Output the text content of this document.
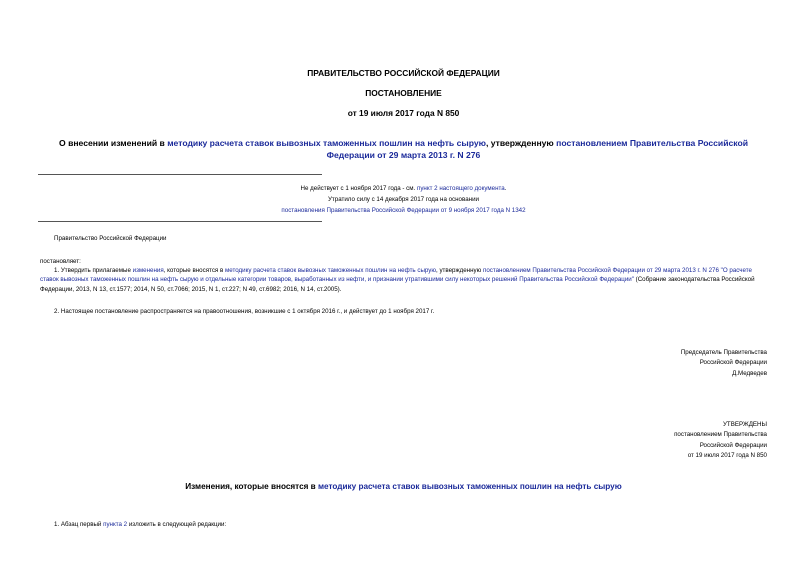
ПРАВИТЕЛЬСТВО РОССИЙСКОЙ ФЕДЕРАЦИИ
ПОСТАНОВЛЕНИЕ
от 19 июля 2017 года N 850
О внесении изменений в методику расчета ставок вывозных таможенных пошлин на нефть сырую, утвержденную постановлением Правительства Российской Федерации от 29 марта 2013 г. N 276
Не действует с 1 ноября 2017 года - см. пункт 2 настоящего документа.
Утратило силу с 14 декабря 2017 года на основании
постановления Правительства Российской Федерации от 9 ноября 2017 года N 1342
Правительство Российской Федерации
постановляет:
1. Утвердить прилагаемые изменения, которые вносятся в методику расчета ставок вывозных таможенных пошлин на нефть сырую, утвержденную постановлением Правительства Российской Федерации от 29 марта 2013 г. N 276 "О расчете ставок вывозных таможенных пошлин на нефть сырую и отдельные категории товаров, выработанных из нефти, и признании утратившими силу некоторых решений Правительства Российской Федерации" (Собрание законодательства Российской Федерации, 2013, N 13, ст.1577; 2014, N 50, ст.7066; 2015, N 1, ст.227; N 49, ст.6982; 2016, N 14, ст.2005).
2. Настоящее постановление распространяется на правоотношения, возникшие с 1 октября 2016 г., и действует до 1 ноября 2017 г.
Председатель Правительства
Российской Федерации
Д.Медведев
УТВЕРЖДЕНЫ
постановлением Правительства
Российской Федерации
от 19 июля 2017 года N 850
Изменения, которые вносятся в методику расчета ставок вывозных таможенных пошлин на нефть сырую
1. Абзац первый пункта 2 изложить в следующей редакции:
